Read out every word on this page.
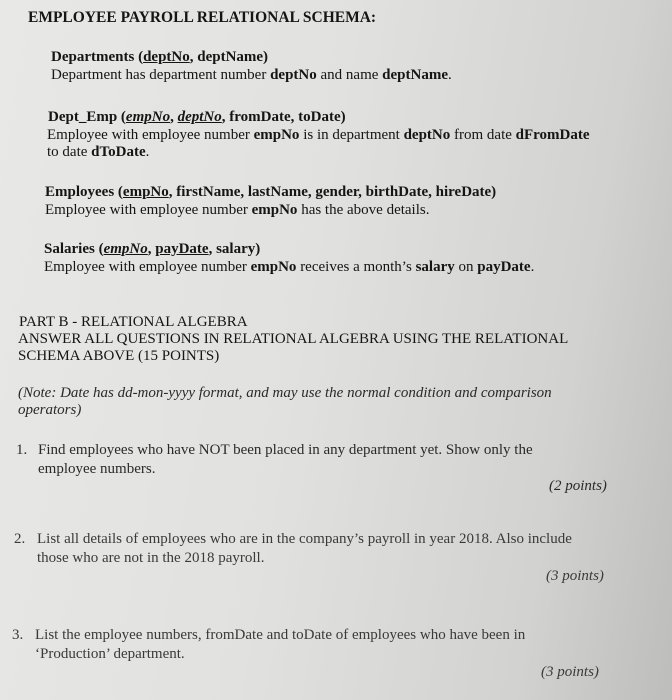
EMPLOYEE PAYROLL RELATIONAL SCHEMA:
Departments (deptNo, deptName)
Department has department number deptNo and name deptName.
Dept_Emp (empNo, deptNo, fromDate, toDate)
Employee with employee number empNo is in department deptNo from date dFromDate
to date dToDate.
Employees (empNo, firstName, lastName, gender, birthDate, hireDate)
Employee with employee number empNo has the above details.
Salaries (empNo, payDate, salary)
Employee with employee number empNo receives a month’s salary on payDate.
PART B - RELATIONAL ALGEBRA
ANSWER ALL QUESTIONS IN RELATIONAL ALGEBRA USING THE RELATIONAL
SCHEMA ABOVE (15 POINTS)
(Note: Date has dd-mon-yyyy format, and may use the normal condition and comparison
operators)
1. Find employees who have NOT been placed in any department yet. Show only the
employee numbers.
(2 points)
2. List all details of employees who are in the company’s payroll in year 2018. Also include
those who are not in the 2018 payroll.
(3 points)
3. List the employee numbers, fromDate and toDate of employees who have been in
‘Production’ department.
(3 points)
